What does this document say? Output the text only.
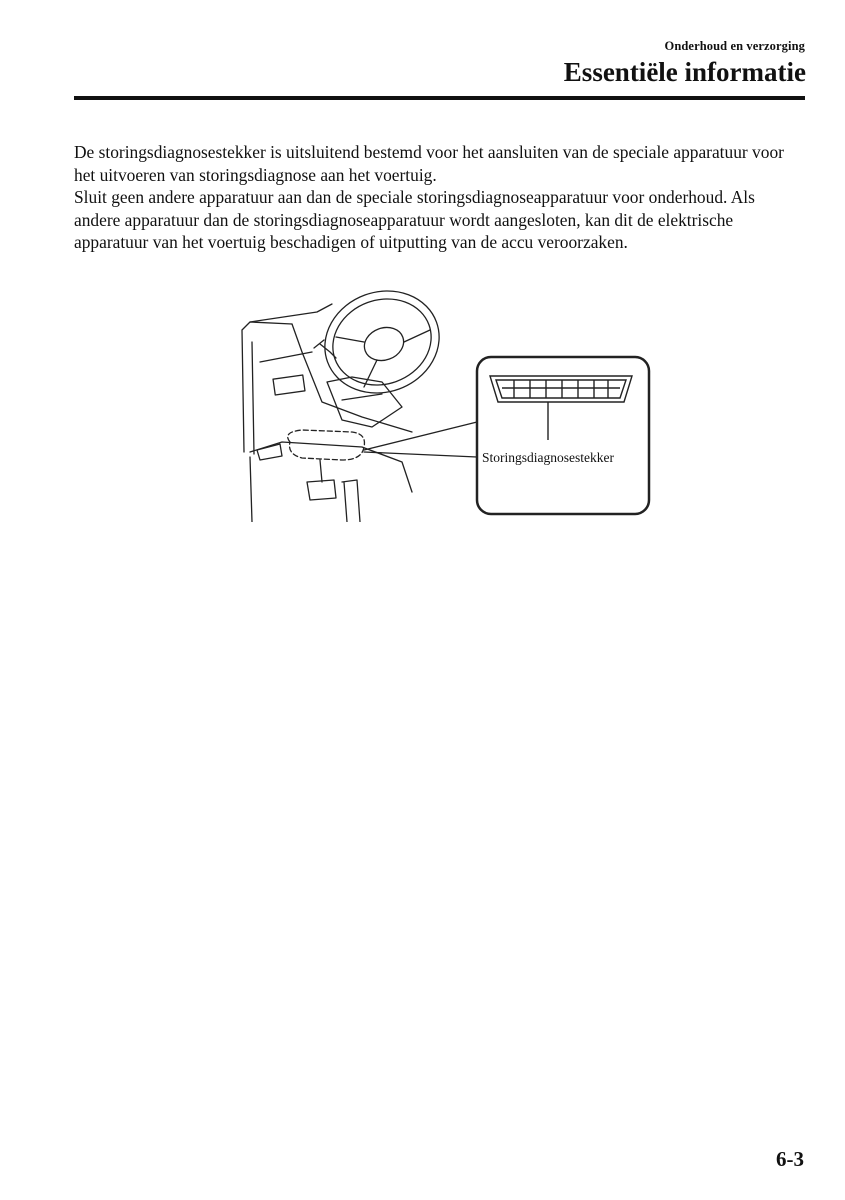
Onderhoud en verzorging
Essentiële informatie

De storingsdiagnosestekker is uitsluitend bestemd voor het aansluiten van de speciale apparatuur voor het uitvoeren van storingsdiagnose aan het voertuig.

Sluit geen andere apparatuur aan dan de speciale storingsdiagnoseapparatuur voor onderhoud. Als andere apparatuur dan de storingsdiagnoseapparatuur wordt aangesloten, kan dit de elektrische apparatuur van het voertuig beschadigen of uitputting van de accu veroorzaken.

Storingsdiagnosestekker
6-3
